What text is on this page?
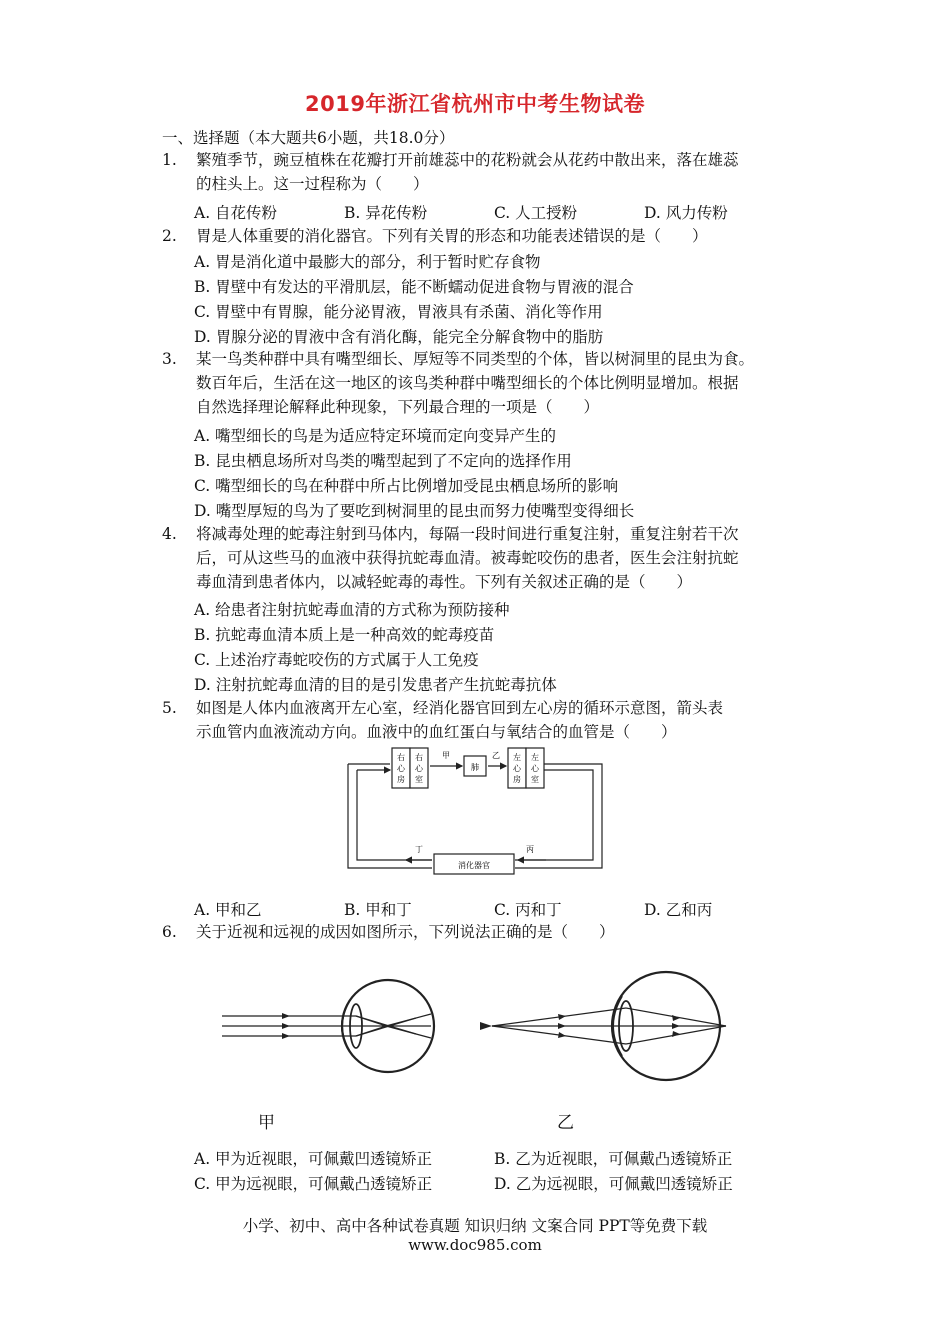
2019年浙江省杭州市中考生物试卷
一、选择题（本大题共6小题，共18.0分）
1.	繁殖季节，豌豆植株在花瓣打开前雄蕊中的花粉就会从花药中散出来，落在雄蕊
的柱头上。这一过程称为（　　）
A. 自花传粉	B. 异花传粉	C. 人工授粉	D. 风力传粉
2.	胃是人体重要的消化器官。下列有关胃的形态和功能表述错误的是（　　）
A. 胃是消化道中最膨大的部分，利于暂时贮存食物
B. 胃壁中有发达的平滑肌层，能不断蠕动促进食物与胃液的混合
C. 胃壁中有胃腺，能分泌胃液，胃液具有杀菌、消化等作用
D. 胃腺分泌的胃液中含有消化酶，能完全分解食物中的脂肪
3.	某一鸟类种群中具有嘴型细长、厚短等不同类型的个体，皆以树洞里的昆虫为食。
数百年后，生活在这一地区的该鸟类种群中嘴型细长的个体比例明显增加。根据
自然选择理论解释此种现象，下列最合理的一项是（　　）
A. 嘴型细长的鸟是为适应特定环境而定向变异产生的
B. 昆虫栖息场所对鸟类的嘴型起到了不定向的选择作用
C. 嘴型细长的鸟在种群中所占比例增加受昆虫栖息场所的影响
D. 嘴型厚短的鸟为了要吃到树洞里的昆虫而努力使嘴型变得细长
4.	将减毒处理的蛇毒注射到马体内，每隔一段时间进行重复注射，重复注射若干次
后，可从这些马的血液中获得抗蛇毒血清。被毒蛇咬伤的患者，医生会注射抗蛇
毒血清到患者体内，以减轻蛇毒的毒性。下列有关叙述正确的是（　　）
A. 给患者注射抗蛇毒血清的方式称为预防接种
B. 抗蛇毒血清本质上是一种高效的蛇毒疫苗
C. 上述治疗毒蛇咬伤的方式属于人工免疫
D. 注射抗蛇毒血清的目的是引发患者产生抗蛇毒抗体
5.	如图是人体内血液离开左心室，经消化器官回到左心房的循环示意图，箭头表
示血管内血液流动方向。血液中的血红蛋白与氧结合的血管是（　　）
右
心
房
右
心
室
甲
肺
乙 左
心
房
左
心
室
消化器官
丙
丁
A. 甲和乙	B. 甲和丁	C. 丙和丁	D. 乙和丙
6.	关于近视和远视的成因如图所示，下列说法正确的是（　　）
甲	乙
A. 甲为近视眼，可佩戴凹透镜矫正	B. 乙为近视眼，可佩戴凸透镜矫正
C. 甲为远视眼，可佩戴凸透镜矫正	D. 乙为远视眼，可佩戴凹透镜矫正
小学、初中、高中各种试卷真题 知识归纳 文案合同 PPT等免费下载
www.doc985.com
